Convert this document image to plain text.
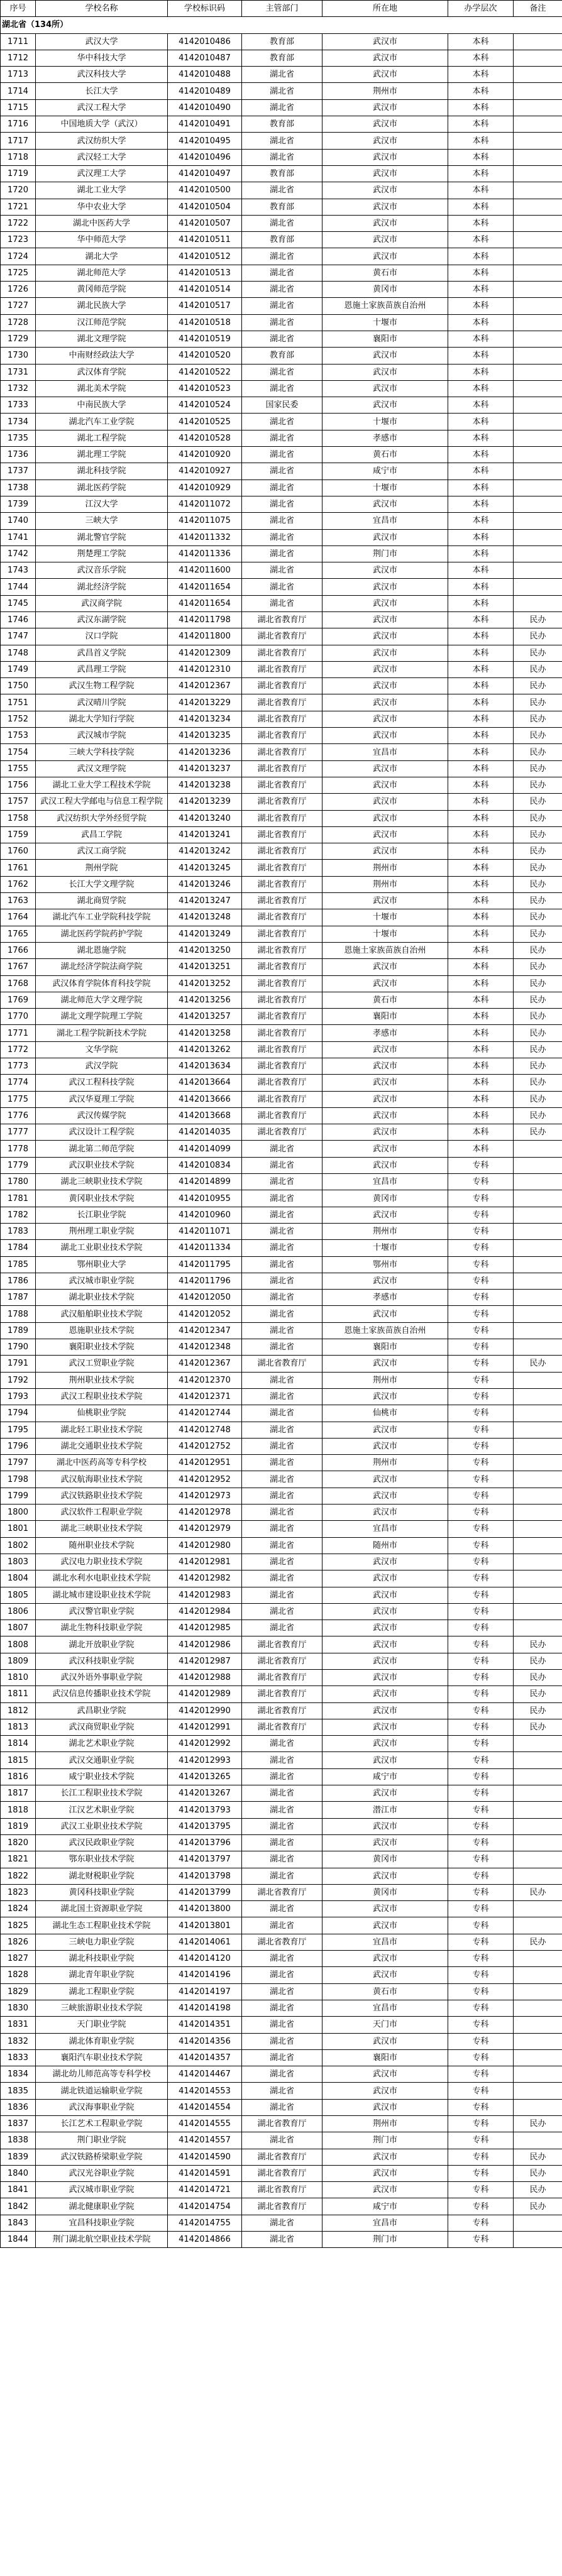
序号	学校名称	学校标识码	主管部门	所在地	办学层次	备注
湖北省（134所）						
1711	武汉大学	4142010486	教育部	武汉市	本科	
1712	华中科技大学	4142010487	教育部	武汉市	本科	
1713	武汉科技大学	4142010488	湖北省	武汉市	本科	
1714	长江大学	4142010489	湖北省	荆州市	本科	
1715	武汉工程大学	4142010490	湖北省	武汉市	本科	
1716	中国地质大学（武汉）	4142010491	教育部	武汉市	本科	
1717	武汉纺织大学	4142010495	湖北省	武汉市	本科	
1718	武汉轻工大学	4142010496	湖北省	武汉市	本科	
1719	武汉理工大学	4142010497	教育部	武汉市	本科	
1720	湖北工业大学	4142010500	湖北省	武汉市	本科	
1721	华中农业大学	4142010504	教育部	武汉市	本科	
1722	湖北中医药大学	4142010507	湖北省	武汉市	本科	
1723	华中师范大学	4142010511	教育部	武汉市	本科	
1724	湖北大学	4142010512	湖北省	武汉市	本科	
1725	湖北师范大学	4142010513	湖北省	黄石市	本科	
1726	黄冈师范学院	4142010514	湖北省	黄冈市	本科	
1727	湖北民族大学	4142010517	湖北省	恩施土家族苗族自治州	本科	
1728	汉江师范学院	4142010518	湖北省	十堰市	本科	
1729	湖北文理学院	4142010519	湖北省	襄阳市	本科	
1730	中南财经政法大学	4142010520	教育部	武汉市	本科	
1731	武汉体育学院	4142010522	湖北省	武汉市	本科	
1732	湖北美术学院	4142010523	湖北省	武汉市	本科	
1733	中南民族大学	4142010524	国家民委	武汉市	本科	
1734	湖北汽车工业学院	4142010525	湖北省	十堰市	本科	
1735	湖北工程学院	4142010528	湖北省	孝感市	本科	
1736	湖北理工学院	4142010920	湖北省	黄石市	本科	
1737	湖北科技学院	4142010927	湖北省	咸宁市	本科	
1738	湖北医药学院	4142010929	湖北省	十堰市	本科	
1739	江汉大学	4142011072	湖北省	武汉市	本科	
1740	三峡大学	4142011075	湖北省	宜昌市	本科	
1741	湖北警官学院	4142011332	湖北省	武汉市	本科	
1742	荆楚理工学院	4142011336	湖北省	荆门市	本科	
1743	武汉音乐学院	4142011600	湖北省	武汉市	本科	
1744	湖北经济学院	4142011654	湖北省	武汉市	本科	
1745	武汉商学院	4142011654	湖北省	武汉市	本科	
1746	武汉东湖学院	4142011798	湖北省教育厅	武汉市	本科	民办
1747	汉口学院	4142011800	湖北省教育厅	武汉市	本科	民办
1748	武昌首义学院	4142012309	湖北省教育厅	武汉市	本科	民办
1749	武昌理工学院	4142012310	湖北省教育厅	武汉市	本科	民办
1750	武汉生物工程学院	4142012367	湖北省教育厅	武汉市	本科	民办
1751	武汉晴川学院	4142013229	湖北省教育厅	武汉市	本科	民办
1752	湖北大学知行学院	4142013234	湖北省教育厅	武汉市	本科	民办
1753	武汉城市学院	4142013235	湖北省教育厅	武汉市	本科	民办
1754	三峡大学科技学院	4142013236	湖北省教育厅	宜昌市	本科	民办
1755	武汉文理学院	4142013237	湖北省教育厅	武汉市	本科	民办
1756	湖北工业大学工程技术学院	4142013238	湖北省教育厅	武汉市	本科	民办
1757	武汉工程大学邮电与信息工程学院	4142013239	湖北省教育厅	武汉市	本科	民办
1758	武汉纺织大学外经贸学院	4142013240	湖北省教育厅	武汉市	本科	民办
1759	武昌工学院	4142013241	湖北省教育厅	武汉市	本科	民办
1760	武汉工商学院	4142013242	湖北省教育厅	武汉市	本科	民办
1761	荆州学院	4142013245	湖北省教育厅	荆州市	本科	民办
1762	长江大学文理学院	4142013246	湖北省教育厅	荆州市	本科	民办
1763	湖北商贸学院	4142013247	湖北省教育厅	武汉市	本科	民办
1764	湖北汽车工业学院科技学院	4142013248	湖北省教育厅	十堰市	本科	民办
1765	湖北医药学院药护学院	4142013249	湖北省教育厅	十堰市	本科	民办
1766	湖北恩施学院	4142013250	湖北省教育厅	恩施土家族苗族自治州	本科	民办
1767	湖北经济学院法商学院	4142013251	湖北省教育厅	武汉市	本科	民办
1768	武汉体育学院体育科技学院	4142013252	湖北省教育厅	武汉市	本科	民办
1769	湖北师范大学文理学院	4142013256	湖北省教育厅	黄石市	本科	民办
1770	湖北文理学院理工学院	4142013257	湖北省教育厅	襄阳市	本科	民办
1771	湖北工程学院新技术学院	4142013258	湖北省教育厅	孝感市	本科	民办
1772	文华学院	4142013262	湖北省教育厅	武汉市	本科	民办
1773	武汉学院	4142013634	湖北省教育厅	武汉市	本科	民办
1774	武汉工程科技学院	4142013664	湖北省教育厅	武汉市	本科	民办
1775	武汉华夏理工学院	4142013666	湖北省教育厅	武汉市	本科	民办
1776	武汉传媒学院	4142013668	湖北省教育厅	武汉市	本科	民办
1777	武汉设计工程学院	4142014035	湖北省教育厅	武汉市	本科	民办
1778	湖北第二师范学院	4142014099	湖北省	武汉市	本科	
1779	武汉职业技术学院	4142010834	湖北省	武汉市	专科	
1780	湖北三峡职业技术学院	4142014899	湖北省	宜昌市	专科	
1781	黄冈职业技术学院	4142010955	湖北省	黄冈市	专科	
1782	长江职业学院	4142010960	湖北省	武汉市	专科	
1783	荆州理工职业学院	4142011071	湖北省	荆州市	专科	
1784	湖北工业职业技术学院	4142011334	湖北省	十堰市	专科	
1785	鄂州职业大学	4142011795	湖北省	鄂州市	专科	
1786	武汉城市职业学院	4142011796	湖北省	武汉市	专科	
1787	湖北职业技术学院	4142012050	湖北省	孝感市	专科	
1788	武汉船舶职业技术学院	4142012052	湖北省	武汉市	专科	
1789	恩施职业技术学院	4142012347	湖北省	恩施土家族苗族自治州	专科	
1790	襄阳职业技术学院	4142012348	湖北省	襄阳市	专科	
1791	武汉工贸职业学院	4142012367	湖北省教育厅	武汉市	专科	民办
1792	荆州职业技术学院	4142012370	湖北省	荆州市	专科	
1793	武汉工程职业技术学院	4142012371	湖北省	武汉市	专科	
1794	仙桃职业学院	4142012744	湖北省	仙桃市	专科	
1795	湖北轻工职业技术学院	4142012748	湖北省	武汉市	专科	
1796	湖北交通职业技术学院	4142012752	湖北省	武汉市	专科	
1797	湖北中医药高等专科学校	4142012951	湖北省	荆州市	专科	
1798	武汉航海职业技术学院	4142012952	湖北省	武汉市	专科	
1799	武汉铁路职业技术学院	4142012973	湖北省	武汉市	专科	
1800	武汉软件工程职业学院	4142012978	湖北省	武汉市	专科	
1801	湖北三峡职业技术学院	4142012979	湖北省	宜昌市	专科	
1802	随州职业技术学院	4142012980	湖北省	随州市	专科	
1803	武汉电力职业技术学院	4142012981	湖北省	武汉市	专科	
1804	湖北水利水电职业技术学院	4142012982	湖北省	武汉市	专科	
1805	湖北城市建设职业技术学院	4142012983	湖北省	武汉市	专科	
1806	武汉警官职业学院	4142012984	湖北省	武汉市	专科	
1807	湖北生物科技职业学院	4142012985	湖北省	武汉市	专科	
1808	湖北开放职业学院	4142012986	湖北省教育厅	武汉市	专科	民办
1809	武汉科技职业学院	4142012987	湖北省教育厅	武汉市	专科	民办
1810	武汉外语外事职业学院	4142012988	湖北省教育厅	武汉市	专科	民办
1811	武汉信息传播职业技术学院	4142012989	湖北省教育厅	武汉市	专科	民办
1812	武昌职业学院	4142012990	湖北省教育厅	武汉市	专科	民办
1813	武汉商贸职业学院	4142012991	湖北省教育厅	武汉市	专科	民办
1814	湖北艺术职业学院	4142012992	湖北省	武汉市	专科	
1815	武汉交通职业学院	4142012993	湖北省	武汉市	专科	
1816	咸宁职业技术学院	4142013265	湖北省	咸宁市	专科	
1817	长江工程职业技术学院	4142013267	湖北省	武汉市	专科	
1818	江汉艺术职业学院	4142013793	湖北省	潜江市	专科	
1819	武汉工业职业技术学院	4142013795	湖北省	武汉市	专科	
1820	武汉民政职业学院	4142013796	湖北省	武汉市	专科	
1821	鄂东职业技术学院	4142013797	湖北省	黄冈市	专科	
1822	湖北财税职业学院	4142013798	湖北省	武汉市	专科	
1823	黄冈科技职业学院	4142013799	湖北省教育厅	黄冈市	专科	民办
1824	湖北国土资源职业学院	4142013800	湖北省	武汉市	专科	
1825	湖北生态工程职业技术学院	4142013801	湖北省	武汉市	专科	
1826	三峡电力职业学院	4142014061	湖北省教育厅	宜昌市	专科	民办
1827	湖北科技职业学院	4142014120	湖北省	武汉市	专科	
1828	湖北青年职业学院	4142014196	湖北省	武汉市	专科	
1829	湖北工程职业学院	4142014197	湖北省	黄石市	专科	
1830	三峡旅游职业技术学院	4142014198	湖北省	宜昌市	专科	
1831	天门职业学院	4142014351	湖北省	天门市	专科	
1832	湖北体育职业学院	4142014356	湖北省	武汉市	专科	
1833	襄阳汽车职业技术学院	4142014357	湖北省	襄阳市	专科	
1834	湖北幼儿师范高等专科学校	4142014467	湖北省	武汉市	专科	
1835	湖北铁道运输职业学院	4142014553	湖北省	武汉市	专科	
1836	武汉海事职业学院	4142014554	湖北省	武汉市	专科	
1837	长江艺术工程职业学院	4142014555	湖北省教育厅	荆州市	专科	民办
1838	荆门职业学院	4142014557	湖北省	荆门市	专科	
1839	武汉铁路桥梁职业学院	4142014590	湖北省教育厅	武汉市	专科	民办
1840	武汉光谷职业学院	4142014591	湖北省教育厅	武汉市	专科	民办
1841	武汉城市职业学院	4142014721	湖北省教育厅	武汉市	专科	民办
1842	湖北健康职业学院	4142014754	湖北省教育厅	咸宁市	专科	民办
1843	宜昌科技职业学院	4142014755	湖北省	宜昌市	专科	
1844	荆门湖北航空职业技术学院	4142014866	湖北省	荆门市	专科	
